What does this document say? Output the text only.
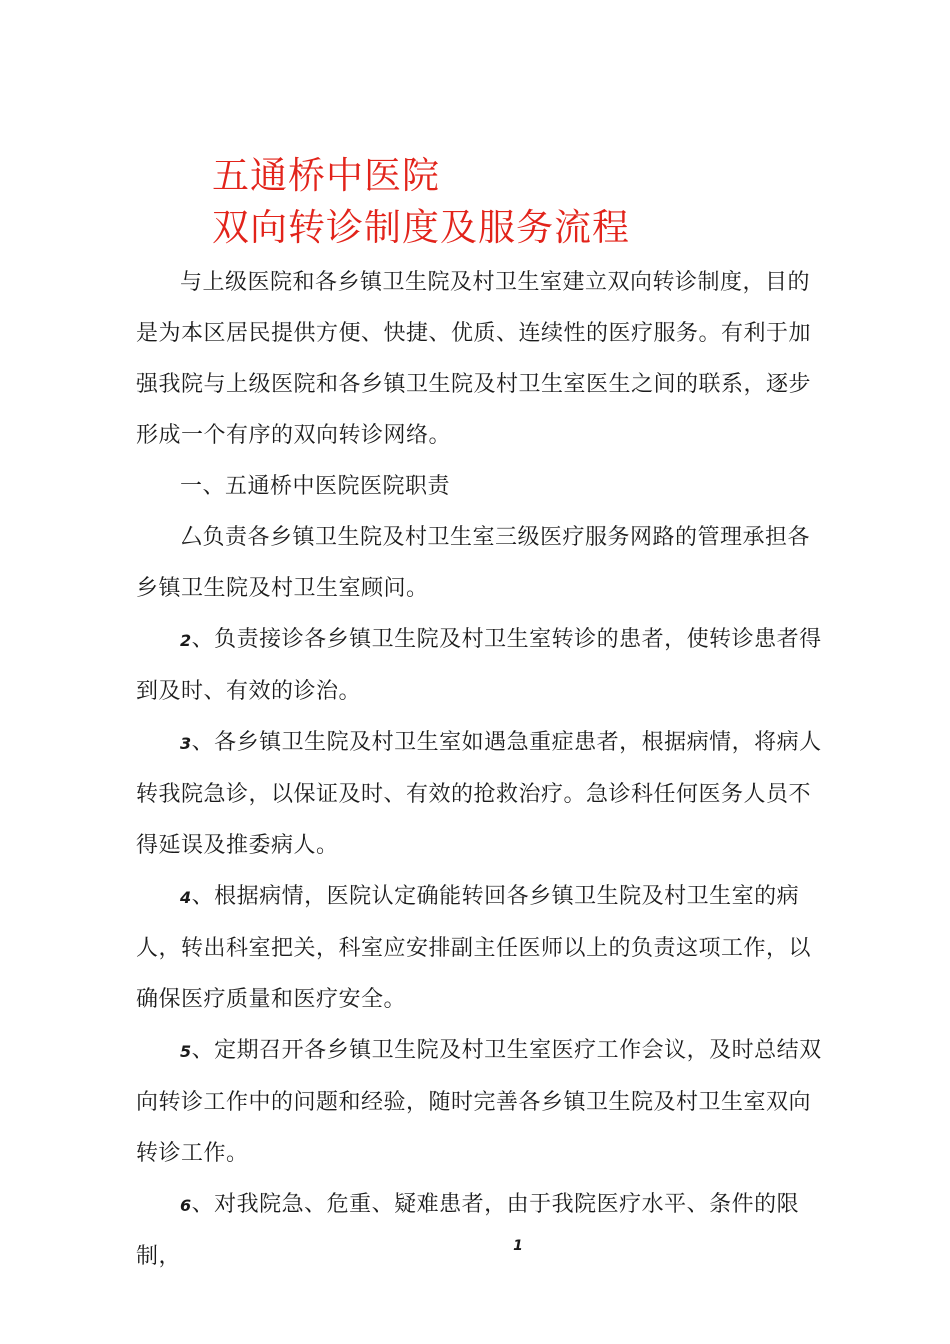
五通桥中医院
双向转诊制度及服务流程

与上级医院和各乡镇卫生院及村卫生室建立双向转诊制度，目的是为本区居民提供方便、快捷、优质、连续性的医疗服务。有利于加强我院与上级医院和各乡镇卫生院及村卫生室医生之间的联系，逐步形成一个有序的双向转诊网络。

一、五通桥中医院医院职责

厶负责各乡镇卫生院及村卫生室三级医疗服务网路的管理承担各乡镇卫生院及村卫生室顾问。

2、负责接诊各乡镇卫生院及村卫生室转诊的患者，使转诊患者得到及时、有效的诊治。

3、各乡镇卫生院及村卫生室如遇急重症患者，根据病情，将病人转我院急诊，以保证及时、有效的抢救治疗。急诊科任何医务人员不得延误及推委病人。

4、根据病情，医院认定确能转回各乡镇卫生院及村卫生室的病人，转出科室把关，科室应安排副主任医师以上的负责这项工作，以确保医疗质量和医疗安全。

5、定期召开各乡镇卫生院及村卫生室医疗工作会议，及时总结双向转诊工作中的问题和经验，随时完善各乡镇卫生院及村卫生室双向转诊工作。

6、对我院急、危重、疑难患者，由于我院医疗水平、条件的限制，	1
